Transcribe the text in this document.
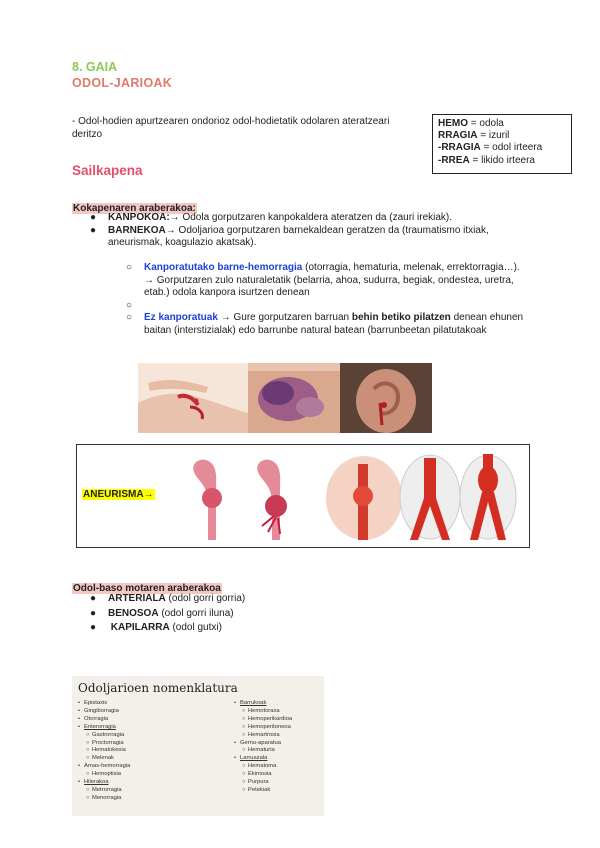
8. GAIA
ODOL-JARIOAK
- Odol-hodien apurtzearen ondorioz odol-hodietatik odolaren ateratzeari deritzo
HEMO = odola
RRAGIA = izuril
-RRAGIA = odol irteera
-RREA = likido irteera
Sailkapena
Kokapenaren araberakoa:
● KANPOKOA:→ Odola gorputzaren kanpokaldera ateratzen da (zauri irekiak).
● BARNEKOA→ Odoljarioa gorputzaren barnekaldean geratzen da (traumatismo itxiak, aneurismak, koagulazio akatsak).
○ Kanporatutako barne-hemorragia (otorragia, hematuria, melenak, errektorragia…). → Gorputzaren zulo naturaletatik (belarria, ahoa, sudurra, begiak, ondestea, uretra, etab.) odola kanpora isurtzen denean
○
○ Ez kanporatuak → Gure gorputzaren barruan behin betiko pilatzen denean ehunen baitan (interstizialak) edo barrunbe natural batean (barrunbeetan pilatutakoak
ANEURISMA→
Odol-baso motaren araberakoa
● ARTERIALA (odol gorri gorria)
● BENOSOA (odol gorri iluna)
● KAPILARRA (odol gutxi)
Odoljarioen nomenklatura
• Epistaxis
• Gingiborragia
• Otorragia
• Enterorragia
○ Gastrorragia
○ Proctorragia
○ Hematokesia
○ Melenak
• Arnas-hemorragia
○ Hemoptisia
• Hilerakoa
○ Metrorragia
○ Menorragia
• Barrukoak
○ Hemotoraxa
○ Hemoperikardioa
○ Hemoperitoneoa
○ Hemartrosia
• Gernu-aparatua
○ Hematuria
• Larruazala
○ Hematoma
○ Ekimosia
○ Purpura
○ Petekiak
